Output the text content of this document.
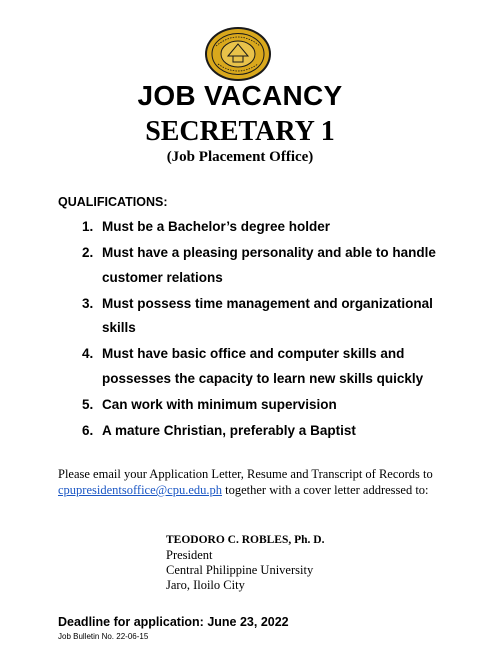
JOB VACANCY
SECRETARY 1
(Job Placement Office)
QUALIFICATIONS:
1. Must be a Bachelor’s degree holder
2. Must have a pleasing personality and able to handle customer relations
3. Must possess time management and organizational skills
4. Must have basic office and computer skills and possesses the capacity to learn new skills quickly
5. Can work with minimum supervision
6. A mature Christian, preferably a Baptist
Please email your Application Letter, Resume and Transcript of Records to cpupresidentsoffice@cpu.edu.ph together with a cover letter addressed to:
TEODORO C. ROBLES, Ph. D.
President
Central Philippine University
Jaro, Iloilo City
Deadline for application: June 23, 2022
Job Bulletin No. 22-06-15
